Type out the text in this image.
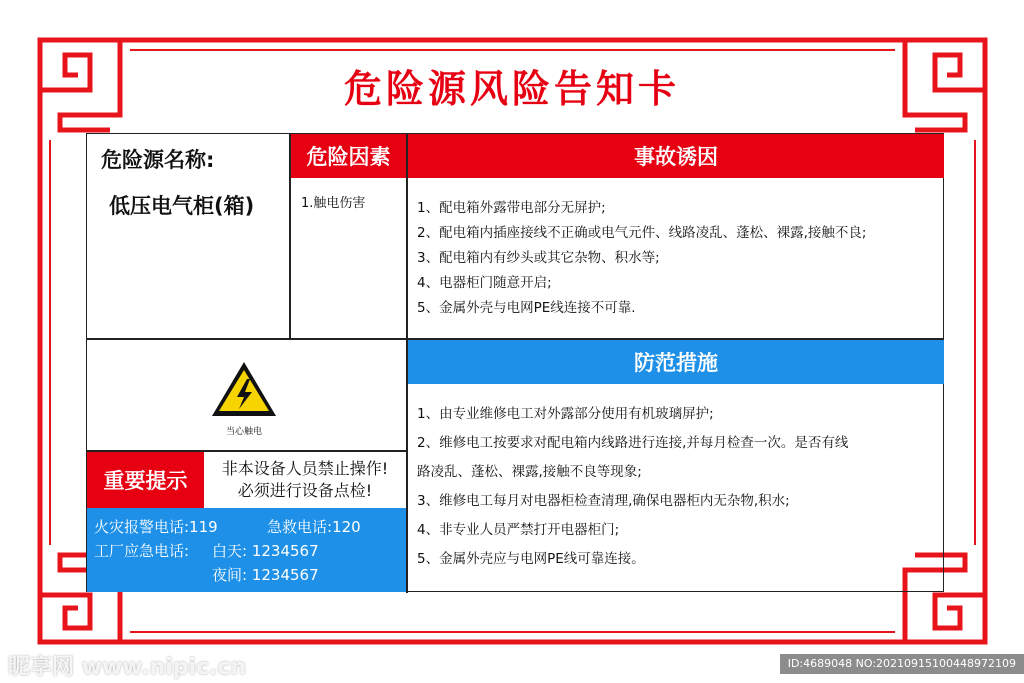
危险源风险告知卡
危险源名称:
低压电气柜(箱)
危险因素
1.触电伤害
事故诱因
1、配电箱外露带电部分无屏护;
2、配电箱内插座接线不正确或电气元件、线路凌乱、蓬松、裸露,接触不良;
3、配电箱内有纱头或其它杂物、积水等;
4、电器柜门随意开启;
5、金属外壳与电网PE线连接不可靠.
当心触电
防范措施
1、由专业维修电工对外露部分使用有机玻璃屏护;
2、维修电工按要求对配电箱内线路进行连接,并每月检查一次。是否有线
路凌乱、蓬松、裸露,接触不良等现象;
3、维修电工每月对电器柜检查清理,确保电器柜内无杂物,积水;
4、非专业人员严禁打开电器柜门;
5、金属外壳应与电网PE线可靠连接。
重要提示
非本设备人员禁止操作!
必须进行设备点检!
火灾报警电话:119	急救电话:120
工厂应急电话: 白天: 1234567
夜间: 1234567
昵享网 www.nipic.cn	ID:4689048 NO:20210915100448972109
